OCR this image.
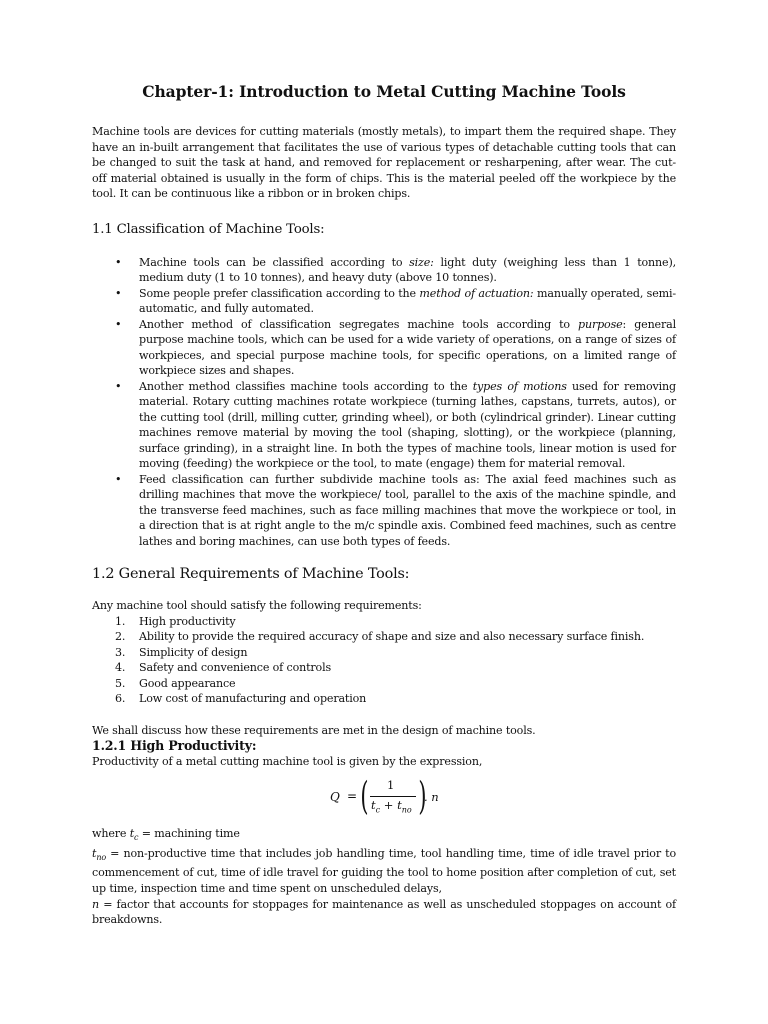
Chapter-1: Introduction to Metal Cutting Machine Tools

Machine tools are devices for cutting materials (mostly metals), to impart them the required shape. They have an in-built arrangement that facilitates the use of various types of detachable cutting tools that can be changed to suit the task at hand, and removed for replacement or resharpening, after wear. The cut-off material obtained is usually in the form of chips. This is the material peeled off the workpiece by the tool. It can be continuous like a ribbon or in broken chips.

1.1 Classification of Machine Tools:
• Machine tools can be classified according to size: light duty (weighing less than 1 tonne), medium duty (1 to 10 tonnes), and heavy duty (above 10 tonnes).
• Some people prefer classification according to the method of actuation: manually operated, semi-automatic, and fully automated.
• Another method of classification segregates machine tools according to purpose: general purpose machine tools, which can be used for a wide variety of operations, on a range of sizes of workpieces, and special purpose machine tools, for specific operations, on a limited range of workpiece sizes and shapes.
• Another method classifies machine tools according to the types of motions used for removing material. Rotary cutting machines rotate workpiece (turning lathes, capstans, turrets, autos), or the cutting tool (drill, milling cutter, grinding wheel), or both (cylindrical grinder). Linear cutting machines remove material by moving the tool (shaping, slotting), or the workpiece (planning, surface grinding), in a straight line. In both the types of machine tools, linear motion is used for moving (feeding) the workpiece or the tool, to mate (engage) them for material removal.
• Feed classification can further subdivide machine tools as: The axial feed machines such as drilling machines that move the workpiece/ tool, parallel to the axis of the machine spindle, and the transverse feed machines, such as face milling machines that move the workpiece or tool, in a direction that is at right angle to the m/c spindle axis. Combined feed machines, such as centre lathes and boring machines, can use both types of feeds.
1.2 General Requirements of Machine Tools:

Any machine tool should satisfy the following requirements:

1. High productivity
2. Ability to provide the required accuracy of shape and size and also necessary surface finish.
3. Simplicity of design
4. Safety and convenience of controls
5. Good appearance
6. Low cost of manufacturing and operation

We shall discuss how these requirements are met in the design of machine tools.

1.2.1 High Productivity:

Productivity of a metal cutting machine tool is given by the expression,

Q = ( 1
$t_c + t_{no}$ )
. n

where $t_c$ = machining time

$t_{no}$ = non-productive time that includes job handling time, tool handling time, time of idle travel prior to commencement of cut, time of idle travel for guiding the tool to home position after completion of cut, set up time, inspection time and time spent on unscheduled delays,

n = factor that accounts for stoppages for maintenance as well as unscheduled stoppages on account of breakdowns.
